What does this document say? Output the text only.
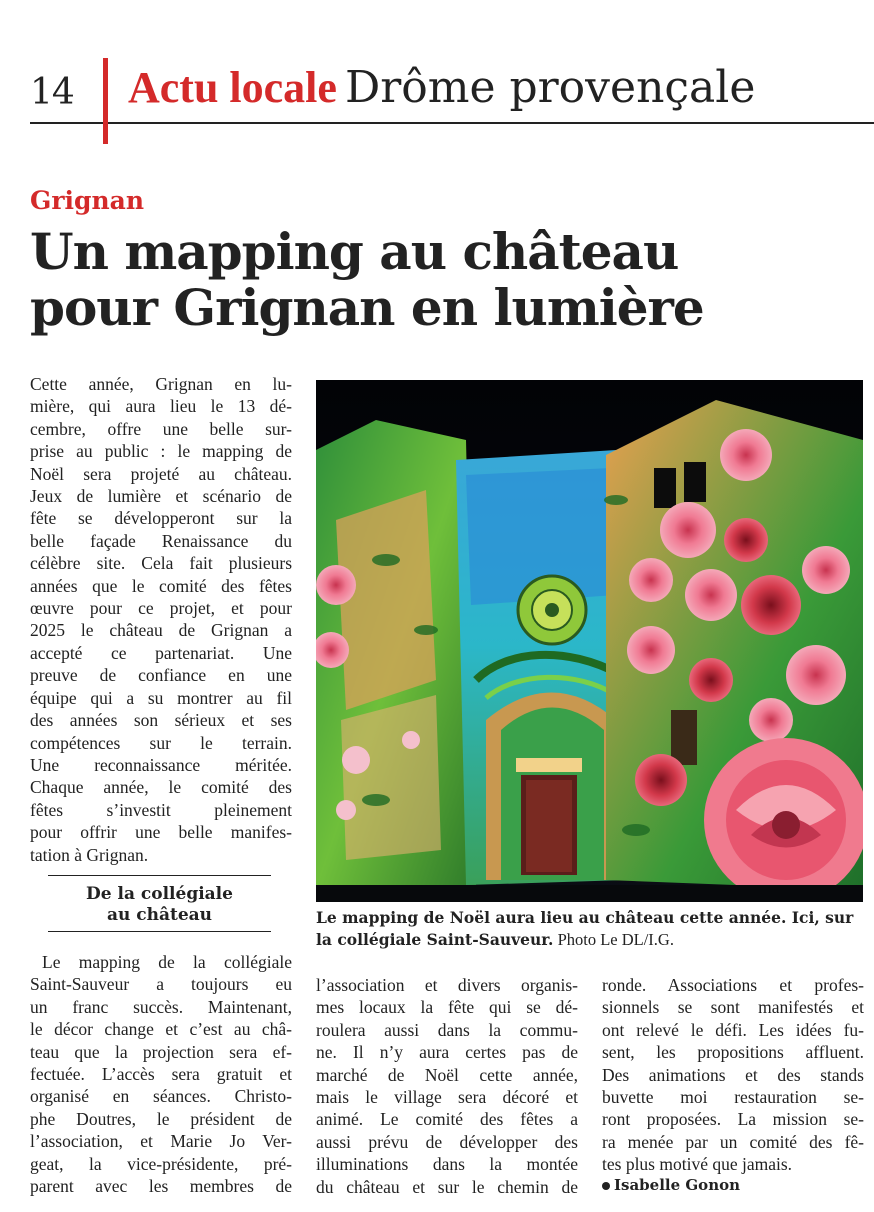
14 Actu locale Drôme provençale
Grignan
Un mapping au château
pour Grignan en lumière
Cette année, Grignan en lu-
mière, qui aura lieu le 13 dé-
cembre, offre une belle sur-
prise au public : le mapping de
Noël sera projeté au château.
Jeux de lumière et scénario de
fête se développeront sur la
belle façade Renaissance du
célèbre site. Cela fait plusieurs
années que le comité des fêtes
œuvre pour ce projet, et pour
2025 le château de Grignan a
accepté ce partenariat. Une
preuve de confiance en une
équipe qui a su montrer au fil
des années son sérieux et ses
compétences sur le terrain.
Une reconnaissance méritée.
Chaque année, le comité des
fêtes s’investit pleinement
pour offrir une belle manifes-
tation à Grignan.
De la collégiale
au château
Le mapping de la collégiale
Saint-Sauveur a toujours eu
un franc succès. Maintenant,
le décor change et c’est au châ-
teau que la projection sera ef-
fectuée. L’accès sera gratuit et
organisé en séances. Christo-
phe Doutres, le président de
l’association, et Marie Jo Ver-
geat, la vice-présidente, pré-
parent avec les membres de
Le mapping de Noël aura lieu au château cette année. Ici, sur la collégiale Saint-Sauveur. Photo Le DL/I.G.
l’association et divers organis-
mes locaux la fête qui se dé-
roulera aussi dans la commu-
ne. Il n’y aura certes pas de
marché de Noël cette année,
mais le village sera décoré et
animé. Le comité des fêtes a
aussi prévu de développer des
illuminations dans la montée
du château et sur le chemin de
ronde. Associations et profes-
sionnels se sont manifestés et
ont relevé le défi. Les idées fu-
sent, les propositions affluent.
Des animations et des stands
buvette moi restauration se-
ront proposées. La mission se-
ra menée par un comité des fê-
tes plus motivé que jamais.
Isabelle Gonon
